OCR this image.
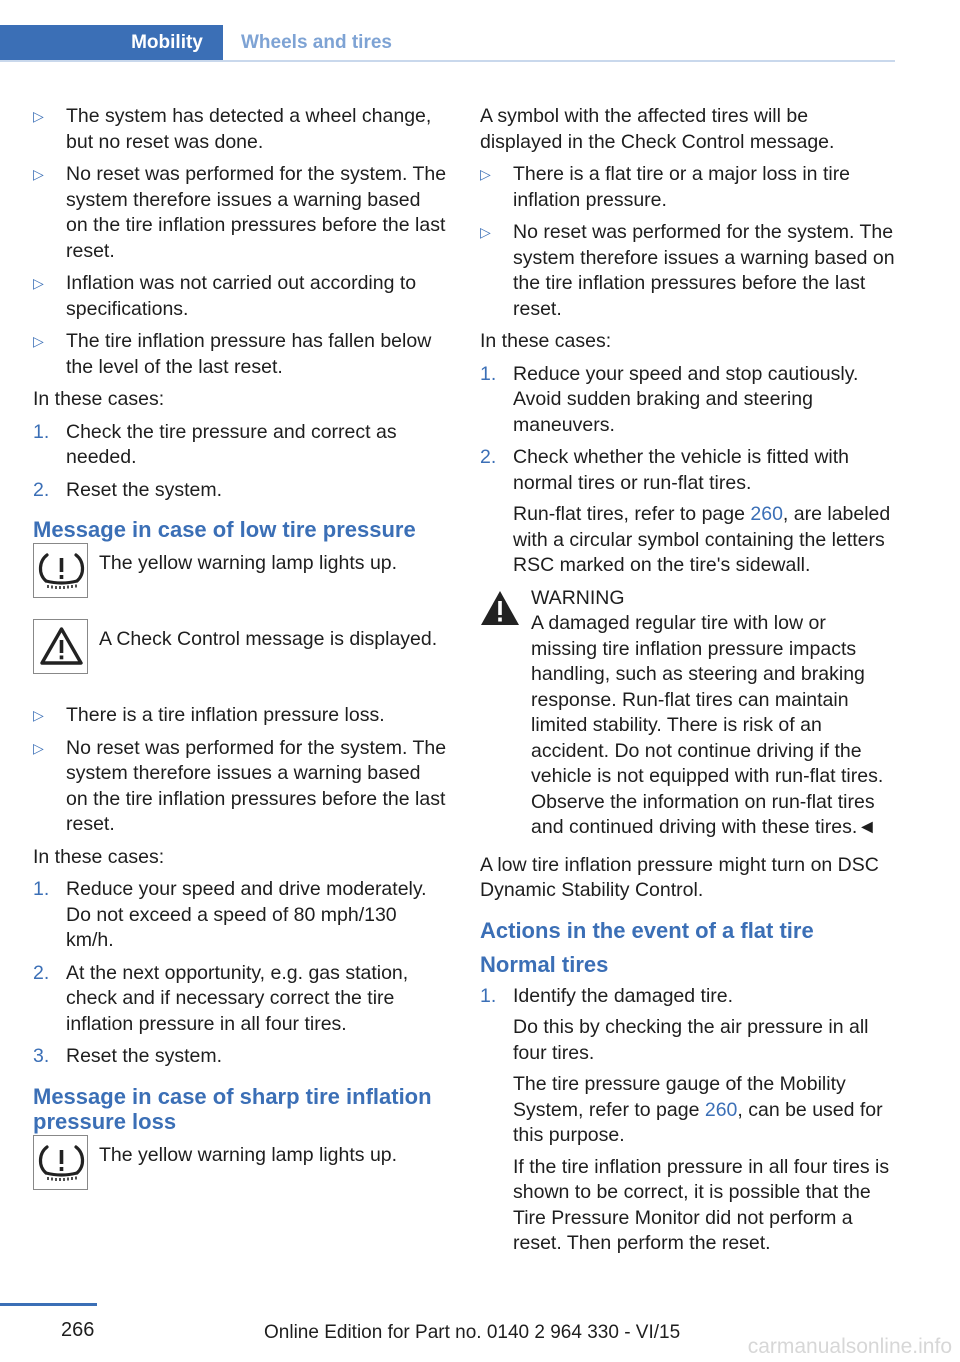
Mobility	Wheels and tires
▷	The system has detected a wheel change, but no reset was done.
▷	No reset was performed for the system. The system therefore issues a warning based on the tire inflation pressures before the last reset.
▷	Inflation was not carried out according to specifications.
▷	The tire inflation pressure has fallen below the level of the last reset.
In these cases:
1. Check the tire pressure and correct as needed.
2. Reset the system.
Message in case of low tire pressure
The yellow warning lamp lights up.
A Check Control message is displayed.
▷	There is a tire inflation pressure loss.
▷	No reset was performed for the system. The system therefore issues a warning based on the tire inflation pressures before the last reset.
In these cases:
1. Reduce your speed and drive moderately. Do not exceed a speed of 80 mph/130 km/h.
2. At the next opportunity, e.g. gas station, check and if necessary correct the tire inflation pressure in all four tires.
3. Reset the system.
Message in case of sharp tire inflation pressure loss
The yellow warning lamp lights up.
A symbol with the affected tires will be displayed in the Check Control message.
▷	There is a flat tire or a major loss in tire inflation pressure.
▷	No reset was performed for the system. The system therefore issues a warning based on the tire inflation pressures before the last reset.
In these cases:
1. Reduce your speed and stop cautiously. Avoid sudden braking and steering maneuvers.
2. Check whether the vehicle is fitted with normal tires or run-flat tires.
Run-flat tires, refer to page 260, are labeled with a circular symbol containing the letters RSC marked on the tire's sidewall.
WARNING
A damaged regular tire with low or missing tire inflation pressure impacts handling, such as steering and braking response. Run-flat tires can maintain limited stability. There is risk of an accident. Do not continue driving if the vehicle is not equipped with run-flat tires. Observe the information on run-flat tires and continued driving with these tires.◄
A low tire inflation pressure might turn on DSC Dynamic Stability Control.
Actions in the event of a flat tire
Normal tires
1. Identify the damaged tire.
Do this by checking the air pressure in all four tires.
The tire pressure gauge of the Mobility System, refer to page 260, can be used for this purpose.
If the tire inflation pressure in all four tires is shown to be correct, it is possible that the Tire Pressure Monitor did not perform a reset. Then perform the reset.
266	Online Edition for Part no. 0140 2 964 330 - VI/15
carmanualsonline.info
